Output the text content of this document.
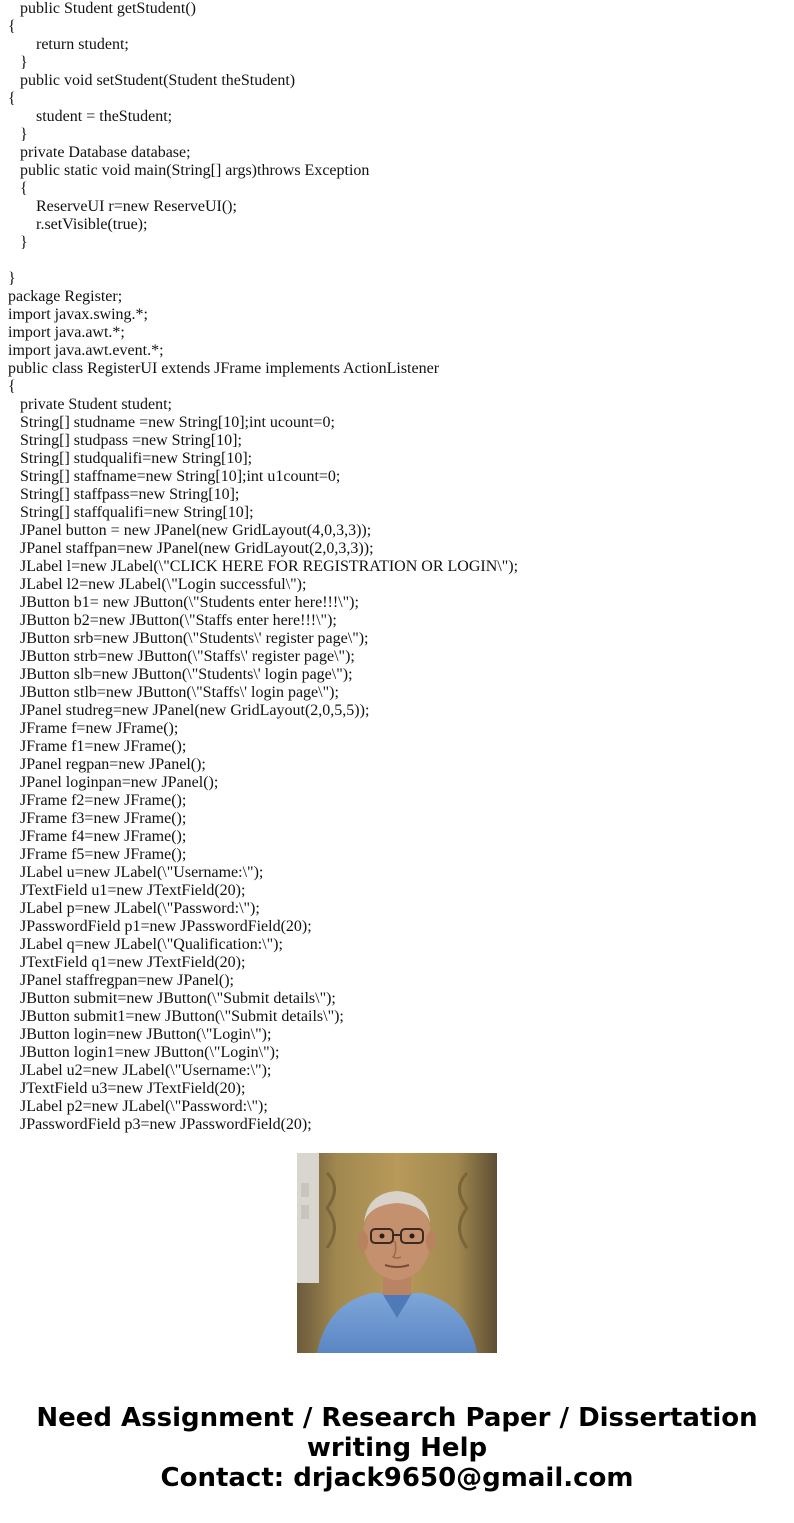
public Student getStudent()
{
return student;
}
public void setStudent(Student theStudent)
{
student = theStudent;
}
private Database database;
public static void main(String[] args)throws Exception
{
ReserveUI r=new ReserveUI();
r.setVisible(true);
}
}
package Register;
import javax.swing.*;
import java.awt.*;
import java.awt.event.*;
public class RegisterUI extends JFrame implements ActionListener
{
private Student student;
String[] studname =new String[10];int ucount=0;
String[] studpass =new String[10];
String[] studqualifi=new String[10];
String[] staffname=new String[10];int u1count=0;
String[] staffpass=new String[10];
String[] staffqualifi=new String[10];
JPanel button = new JPanel(new GridLayout(4,0,3,3));
JPanel staffpan=new JPanel(new GridLayout(2,0,3,3));
JLabel l=new JLabel(\"CLICK HERE FOR REGISTRATION OR LOGIN\");
JLabel l2=new JLabel(\"Login successful\");
JButton b1= new JButton(\"Students enter here!!!\");
JButton b2=new JButton(\"Staffs enter here!!!\");
JButton srb=new JButton(\"Students\' register page\");
JButton strb=new JButton(\"Staffs\' register page\");
JButton slb=new JButton(\"Students\' login page\");
JButton stlb=new JButton(\"Staffs\' login page\");
JPanel studreg=new JPanel(new GridLayout(2,0,5,5));
JFrame f=new JFrame();
JFrame f1=new JFrame();
JPanel regpan=new JPanel();
JPanel loginpan=new JPanel();
JFrame f2=new JFrame();
JFrame f3=new JFrame();
JFrame f4=new JFrame();
JFrame f5=new JFrame();
JLabel u=new JLabel(\"Username:\");
JTextField u1=new JTextField(20);
JLabel p=new JLabel(\"Password:\");
JPasswordField p1=new JPasswordField(20);
JLabel q=new JLabel(\"Qualification:\");
JTextField q1=new JTextField(20);
JPanel staffregpan=new JPanel();
JButton submit=new JButton(\"Submit details\");
JButton submit1=new JButton(\"Submit details\");
JButton login=new JButton(\"Login\");
JButton login1=new JButton(\"Login\");
JLabel u2=new JLabel(\"Username:\");
JTextField u3=new JTextField(20);
JLabel p2=new JLabel(\"Password:\");
JPasswordField p3=new JPasswordField(20);
Need Assignment / Research Paper / Dissertation
writing Help
Contact: drjack9650@gmail.com
